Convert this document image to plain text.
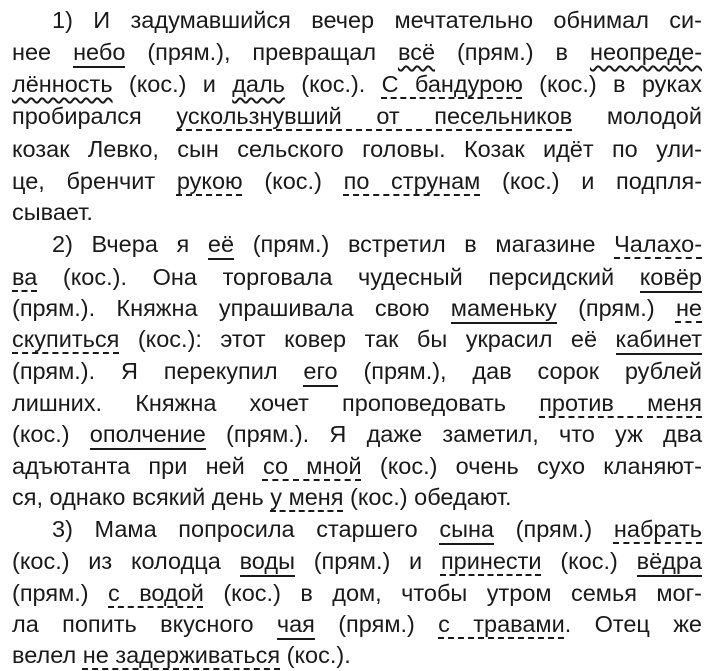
1) И задумавшийся вечер мечтательно обнимал си-
нее небо (прям.), превращал всё (прям.) в неопреде-
лённость (кос.) и даль (кос.). С бандурою (кос.) в руках
пробирался ускользнувший от песельников молодой
козак Левко, сын сельского головы. Козак идёт по ули-
це, бренчит рукою (кос.) по струнам (кос.) и подпля-
сывает.
2) Вчера я её (прям.) встретил в магазине Чалахо-
ва (кос.). Она торговала чудесный персидский ковёр
(прям.). Княжна упрашивала свою маменьку (прям.) не
скупиться (кос.): этот ковер так бы украсил её кабинет
(прям.). Я перекупил его (прям.), дав сорок рублей
лишних. Княжна хочет проповедовать против меня
(кос.) ополчение (прям.). Я даже заметил, что уж два
адъютанта при ней со мной (кос.) очень сухо кланяют-
ся, однако всякий день у меня (кос.) обедают.
3) Мама попросила старшего сына (прям.) набрать
(кос.) из колодца воды (прям.) и принести (кос.) вёдра
(прям.) с водой (кос.) в дом, чтобы утром семья мог-
ла попить вкусного чая (прям.) с травами. Отец же
велел не задерживаться (кос.).
